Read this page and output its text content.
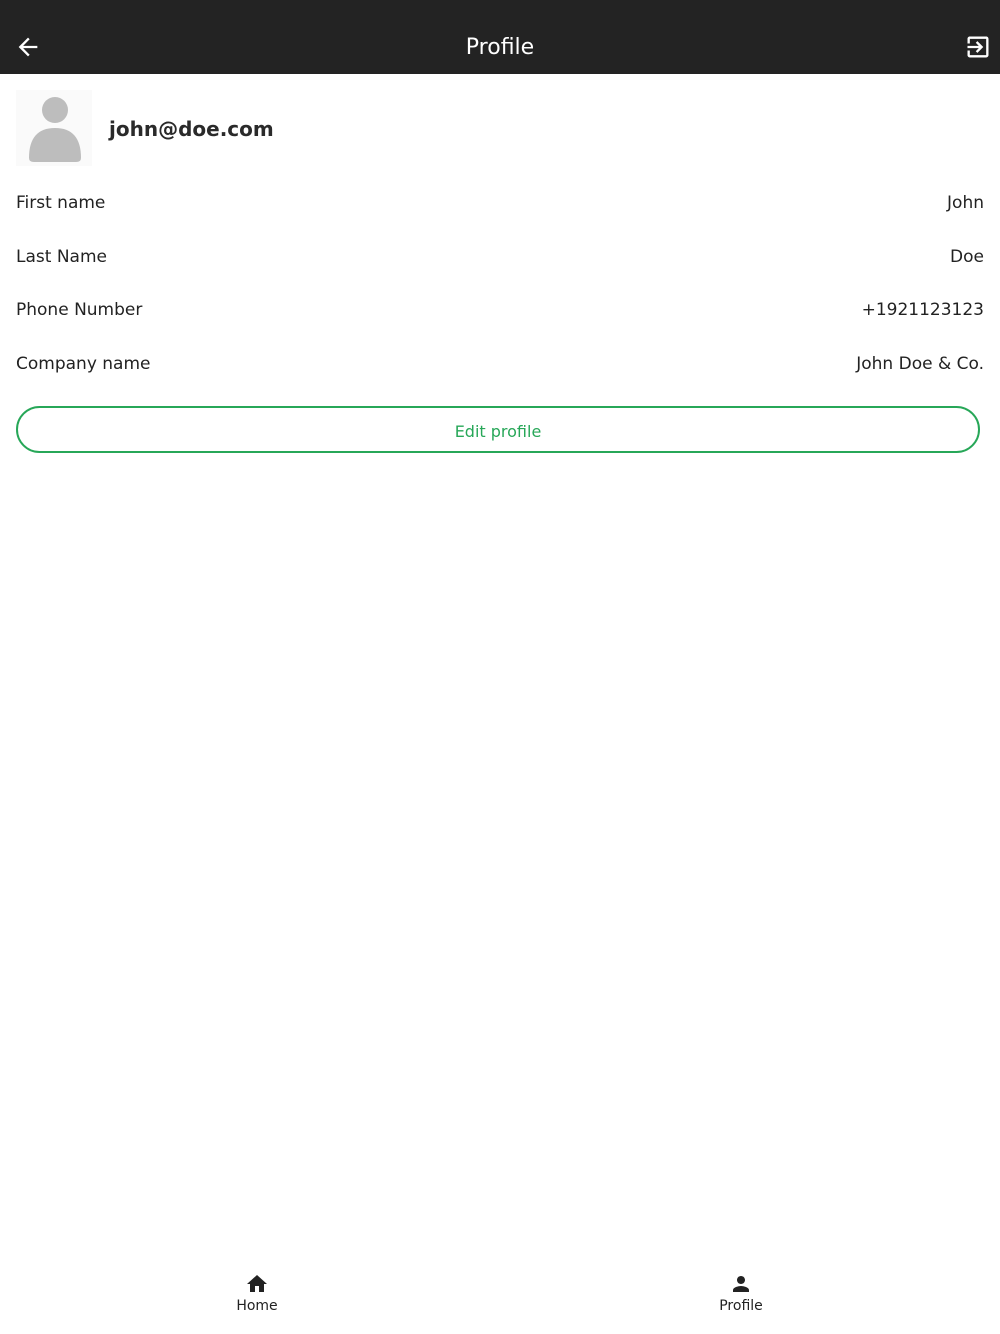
Profile
john@doe.com
First name	John
Last Name	Doe
Phone Number	+1921123123
Company name	John Doe & Co.
Edit profile
Home	Profile
